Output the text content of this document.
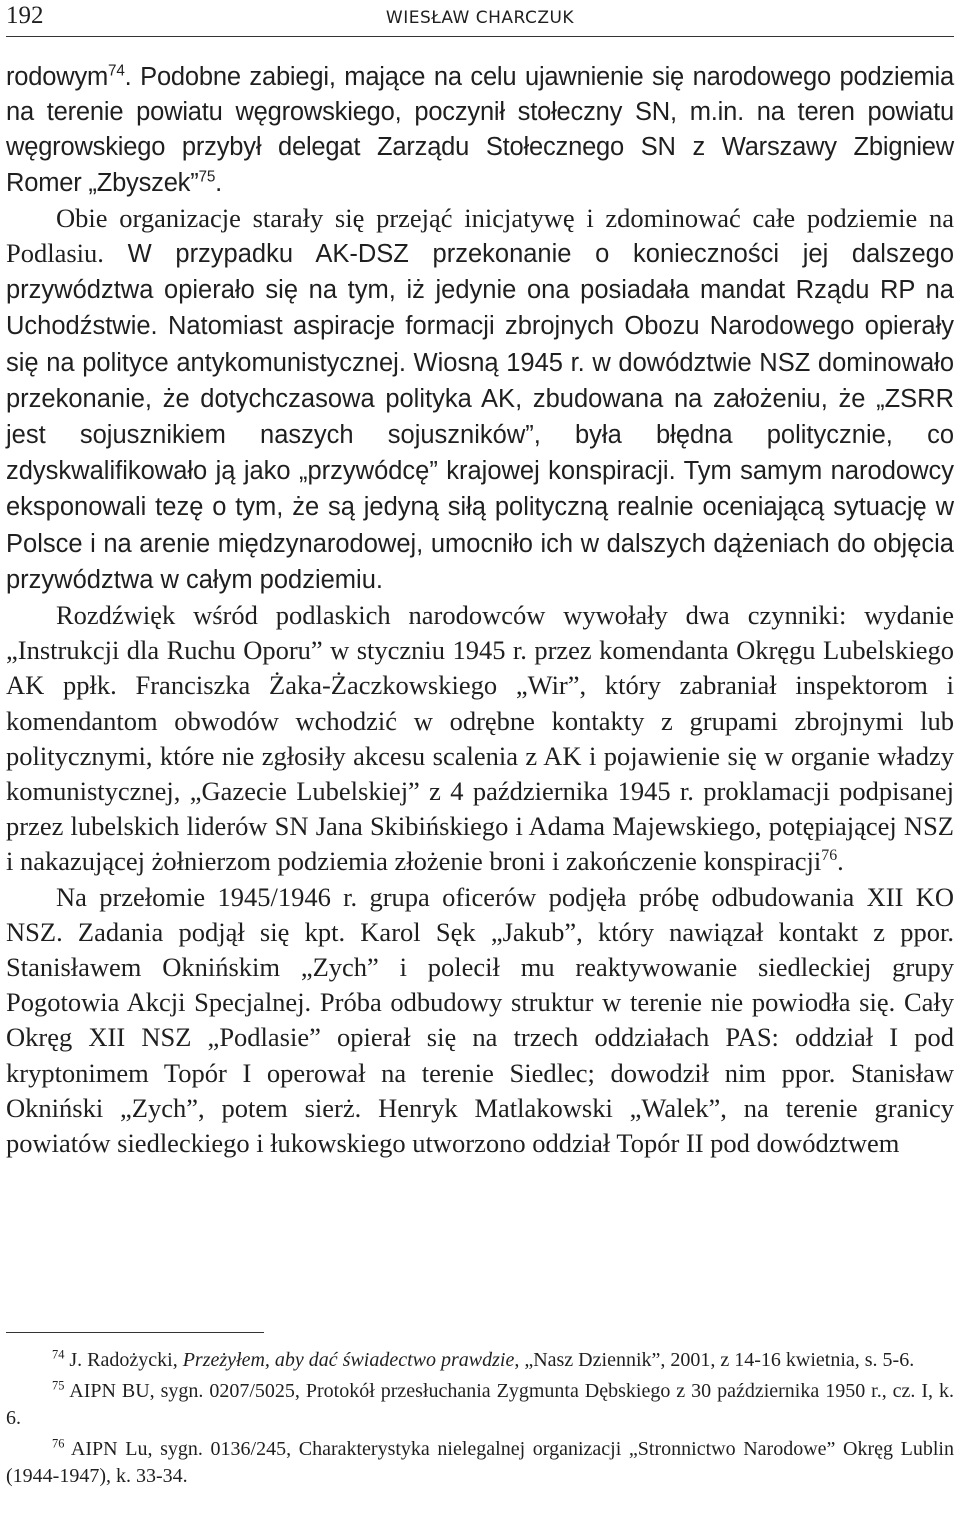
192	WIESŁAW CHARCZUK

rodowym$^{74}$. Podobne zabiegi, mające na celu ujawnienie się narodowego podziemia na terenie powiatu węgrowskiego, poczynił stołeczny SN, m.in. na teren powiatu węgrowskiego przybył delegat Zarządu Stołecznego SN z Warszawy Zbigniew Romer „Zbyszek”$^{75}$.

Obie organizacje starały się przejąć inicjatywę i zdominować całe podziemie na Podlasiu. W przypadku AK-DSZ przekonanie o konieczności jej dalszego przywództwa opierało się na tym, iż jedynie ona posiadała mandat Rządu RP na Uchodźstwie. Natomiast aspiracje formacji zbrojnych Obozu Narodowego opierały się na polityce antykomunistycznej. Wiosną 1945 r. w dowództwie NSZ dominowało przekonanie, że dotychczasowa polityka AK, zbudowana na założeniu, że „ZSRR jest sojusznikiem naszych sojuszników”, była błędna politycznie, co zdyskwalifikowało ją jako „przywódcę” krajowej konspiracji. Tym samym narodowcy eksponowali tezę o tym, że są jedyną siłą polityczną realnie oceniającą sytuację w Polsce i na arenie międzynarodowej, umocniło ich w dalszych dążeniach do objęcia przywództwa w całym podziemiu.

Rozdźwięk wśród podlaskich narodowców wywołały dwa czynniki: wydanie „Instrukcji dla Ruchu Oporu” w styczniu 1945 r. przez komendanta Okręgu Lubelskiego AK ppłk. Franciszka Żaka-Żaczkowskiego „Wir”, który zabraniał inspektorom i komendantom obwodów wchodzić w odrębne kontakty z grupami zbrojnymi lub politycznymi, które nie zgłosiły akcesu scalenia z AK i pojawienie się w organie władzy komunistycznej, „Gazecie Lubelskiej” z 4 października 1945 r. proklamacji podpisanej przez lubelskich liderów SN Jana Skibińskiego i Adama Majewskiego, potępiającej NSZ i nakazującej żołnierzom podziemia złożenie broni i zakończenie konspiracji$^{76}$.

Na przełomie 1945/1946 r. grupa oficerów podjęła próbę odbudowania XII KO NSZ. Zadania podjął się kpt. Karol Sęk „Jakub”, który nawiązał kontakt z ppor. Stanisławem Oknińskim „Zych” i polecił mu reaktywowanie siedleckiej grupy Pogotowia Akcji Specjalnej. Próba odbudowy struktur w terenie nie powiodła się. Cały Okręg XII NSZ „Podlasie” opierał się na trzech oddziałach PAS: oddział I pod kryptonimem Topór I operował na terenie Siedlec; dowodził nim ppor. Stanisław Okniński „Zych”, potem sierż. Henryk Matlakowski „Walek”, na terenie granicy powiatów siedleckiego i łukowskiego utworzono oddział Topór II pod dowództwem

$^{74}$ J. Radożycki, Przeżyłem, aby dać świadectwo prawdzie, „Nasz Dziennik”, 2001, z 14-16 kwietnia, s. 5-6.

$^{75}$ AIPN BU, sygn. 0207/5025, Protokół przesłuchania Zygmunta Dębskiego z 30 października 1950 r., cz. I, k. 6.

$^{76}$ AIPN Lu, sygn. 0136/245, Charakterystyka nielegalnej organizacji „Stronnictwo Narodowe” Okręg Lublin (1944-1947), k. 33-34.
